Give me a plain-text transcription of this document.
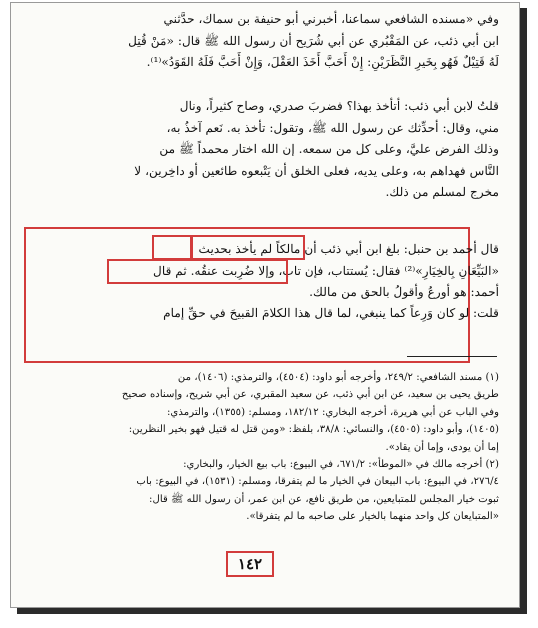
وفي «مسنده الشافعي سماعنا، أخبرني أبو حنيفة بن سماك، حدَّثني

ابن أبي ذئب، عن المَقْبُري عن أبي شُرَيح أن رسول الله ﷺ قال: «مَنْ قُتِل

لَهُ قَتِيْلٌ فَهُو بِخَيرِ النَّظَرَيْنِ: إِنْ أَحَبَّ أَخَذَ العَقْلَ، وَإِنْ أَحَبَّ فَلَهُ القَوَدُ»⁽¹⁾.

قلتُ لابن أبي ذئب: أتأخذ بهذا؟ فضربَ صدري، وصاح كثيراً، ونال

مني، وقال: أحدِّثك عن رسول الله ﷺ، وتقول: تأخذ به. نَعم آخذُ به،

وذلك الفرض عليَّ، وعلى كل من سمعه. إن الله اختار محمداً ﷺ من

النَّاس فهداهم به، وعلى يديه، فعلى الخلق أن يَتْبعوه طائعين أو داخِرين، لا

مخرج لمسلم من ذلك.

قال أحمد بن حنبل: بلغ ابن أبي ذئب أن مالكاً لم يأخذ بحديث

«البَيِّعَانِ بِالخِيَارِ»⁽²⁾ فقال: يُستتاب، فإن تاب، وإلا ضُرِبت عنقُه. ثم قال

أحمد: هو أورعُ وأقولُ بالحق من مالك.

قلت: لو كان وَرِعاً كما ينبغي، لما قال هذا الكلامَ القبيحَ في حقِّ إمام

(١) مسند الشافعي: ٢٤٩/٢، وأخرجه أبو داود: (٤٥٠٤)، والترمذي: (١٤٠٦)، من

طريق يحيى بن سعيد، عن ابن أبي ذئب، عن سعيد المقبري، عن أبي شريح، وإسناده صحيح

وفي الباب عن أبي هريرة، أخرجه البخاري: ١٨٢/١٢، ومسلم: (١٣٥٥)، والترمذي:

(١٤٠٥)، وأبو داود: (٤٥٠٥)، والنسائي: ٣٨/٨، بلفظ: «ومن قتل له قتيل فهو بخير النظرين:

إما أن يودى، وإما أن يقاد».

(٢) أخرجه مالك في «الموطأ»: ٦٧١/٢، في البيوع: باب بيع الخيار، والبخاري:

٢٧٦/٤، في البيوع: باب البيعان في الخيار ما لم يتفرقا، ومسلم: (١٥٣١)، في البيوع: باب

ثبوت خيار المجلس للمتبايعين، من طريق نافع، عن ابن عمر، أن رسول الله ﷺ قال:

«المتبايعان كل واحد منهما بالخيار على صاحبه ما لم يتفرقا».

١٤٢
